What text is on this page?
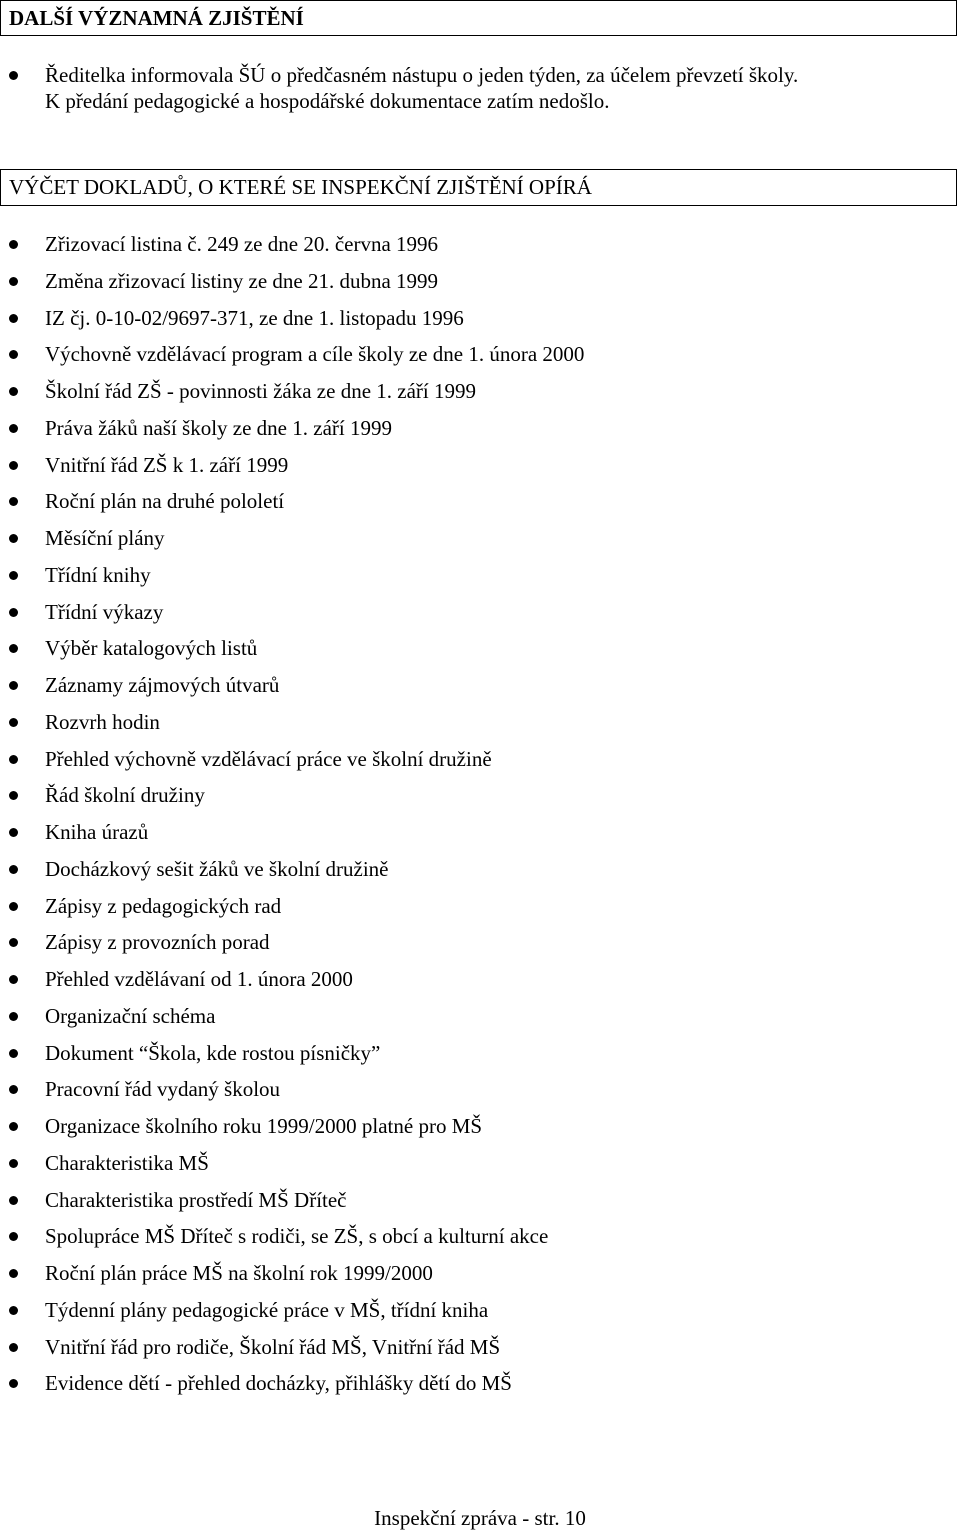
DALŠÍ VÝZNAMNÁ ZJIŠTĚNÍ
Ředitelka informovala ŠÚ o předčasném nástupu o jeden týden, za účelem převzetí školy.
K předání pedagogické a hospodářské dokumentace zatím nedošlo.
VÝČET DOKLADŮ, O KTERÉ SE INSPEKČNÍ ZJIŠTĚNÍ OPÍRÁ
Zřizovací listina č. 249 ze dne 20. června 1996
Změna zřizovací listiny ze dne 21. dubna 1999
IZ čj. 0-10-02/9697-371, ze dne 1. listopadu 1996
Výchovně vzdělávací program a cíle školy ze dne 1. února 2000
Školní řád ZŠ - povinnosti žáka ze dne 1. září 1999
Práva žáků naší školy ze dne 1. září 1999
Vnitřní řád ZŠ k 1. září 1999
Roční plán na druhé pololetí
Měsíční plány
Třídní knihy
Třídní výkazy
Výběr katalogových listů
Záznamy zájmových útvarů
Rozvrh hodin
Přehled výchovně vzdělávací práce ve školní družině
Řád školní družiny
Kniha úrazů
Docházkový sešit žáků ve školní družině
Zápisy z pedagogických rad
Zápisy z provozních porad
Přehled vzdělávaní od 1. února 2000
Organizační schéma
Dokument “Škola, kde rostou písničky”
Pracovní řád vydaný školou
Organizace školního roku 1999/2000 platné pro MŠ
Charakteristika MŠ
Charakteristika prostředí MŠ Dříteč
Spolupráce MŠ Dříteč s rodiči, se ZŠ, s obcí a kulturní akce
Roční plán práce MŠ na školní rok 1999/2000
Týdenní plány pedagogické práce v MŠ, třídní kniha
Vnitřní řád pro rodiče, Školní řád MŠ, Vnitřní řád MŠ
Evidence dětí - přehled docházky, přihlášky dětí do MŠ
Inspekční zpráva - str. 10
